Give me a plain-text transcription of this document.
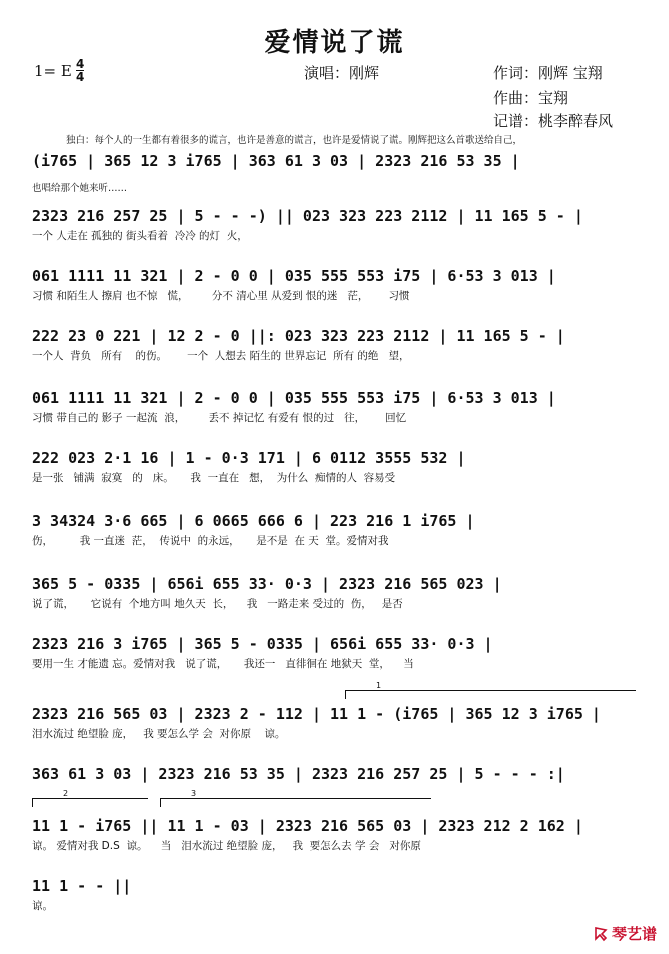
爱情说了谎
1= E 4
4	演唱：刚辉	作词：刚辉 宝翔
作曲：宝翔
记谱：桃李醉春风
独白：每个人的一生都有着很多的谎言，也许是善意的谎言，也许是爱情说了谎。刚辉把这么首歌送给自己，
也唱给那个她来听……
(i765 | 365 12 3 i765 | 363 61 3 03 | 2323 216 53 35 |
2323 216 257 25 | 5 - - -) || 023 323 223 2112 | 11 165 5 - |
一个 人走在 孤独的 街头看着  冷冷 的灯  火，
061 1111 11 321 | 2 - 0 0 | 035 555 553 i75 | 6·53 3 013 |
习惯 和陌生人 擦肩 也不惊   慌，       分不 清心里 从爱到 恨的迷   茫，      习惯
222 23 0 221 | 12 2 - 0 ||: 023 323 223 2112 | 11 165 5 - |
一个人  背负   所有    的伤。      一个  人想去 陌生的 世界忘记  所有 的绝   望，
061 1111 11 321 | 2 - 0 0 | 035 555 553 i75 | 6·53 3 013 |
习惯 带自己的 影子 一起流  浪，       丢不 掉记忆 有爱有 恨的过   往，      回忆
222 023 2·1 16 | 1 - 0·3 171 | 6 0112 3555 532 |
是一张   铺满  寂寞   的   床。     我  一直在   想，  为什么  痴情的人  容易受
3 34324 3·6 665 | 6 0665 666 6 | 223 216 1 i765 |
伤，        我 一直迷  茫，  传说中  的永远，     是不是  在 天  堂。爱情对我
365 5 - 0335 | 656i 655 33· 0·3 | 2323 216 565 023 |
说了谎，     它说有  个地方叫 地久天  长，    我   一路走来 受过的  伤，   是否
2323 216 3 i765 | 365 5 - 0335 | 656i 655 33· 0·3 |
要用一生 才能遗 忘。爱情对我   说了谎，     我还一   直徘徊在 地狱天  堂，    当
2323 216 565 03 | 2323 2 - 112 | 11 1 - (i765 | 365 12 3 i765 |
泪水流过 绝望脸 庞，   我 要怎么学 会  对你原    谅。
363 61 3 03 | 2323 216 53 35 | 2323 216 257 25 | 5 - - - :|
11 1 - i765 || 11 1 - 03 | 2323 216 565 03 | 2323 212 2 162 |
谅。 爱情对我 D.S  谅。    当   泪水流过 绝望脸 庞，   我  要怎么去 学 会   对你原
11 1 - - ||
谅。
1
2	3
琴艺谱
